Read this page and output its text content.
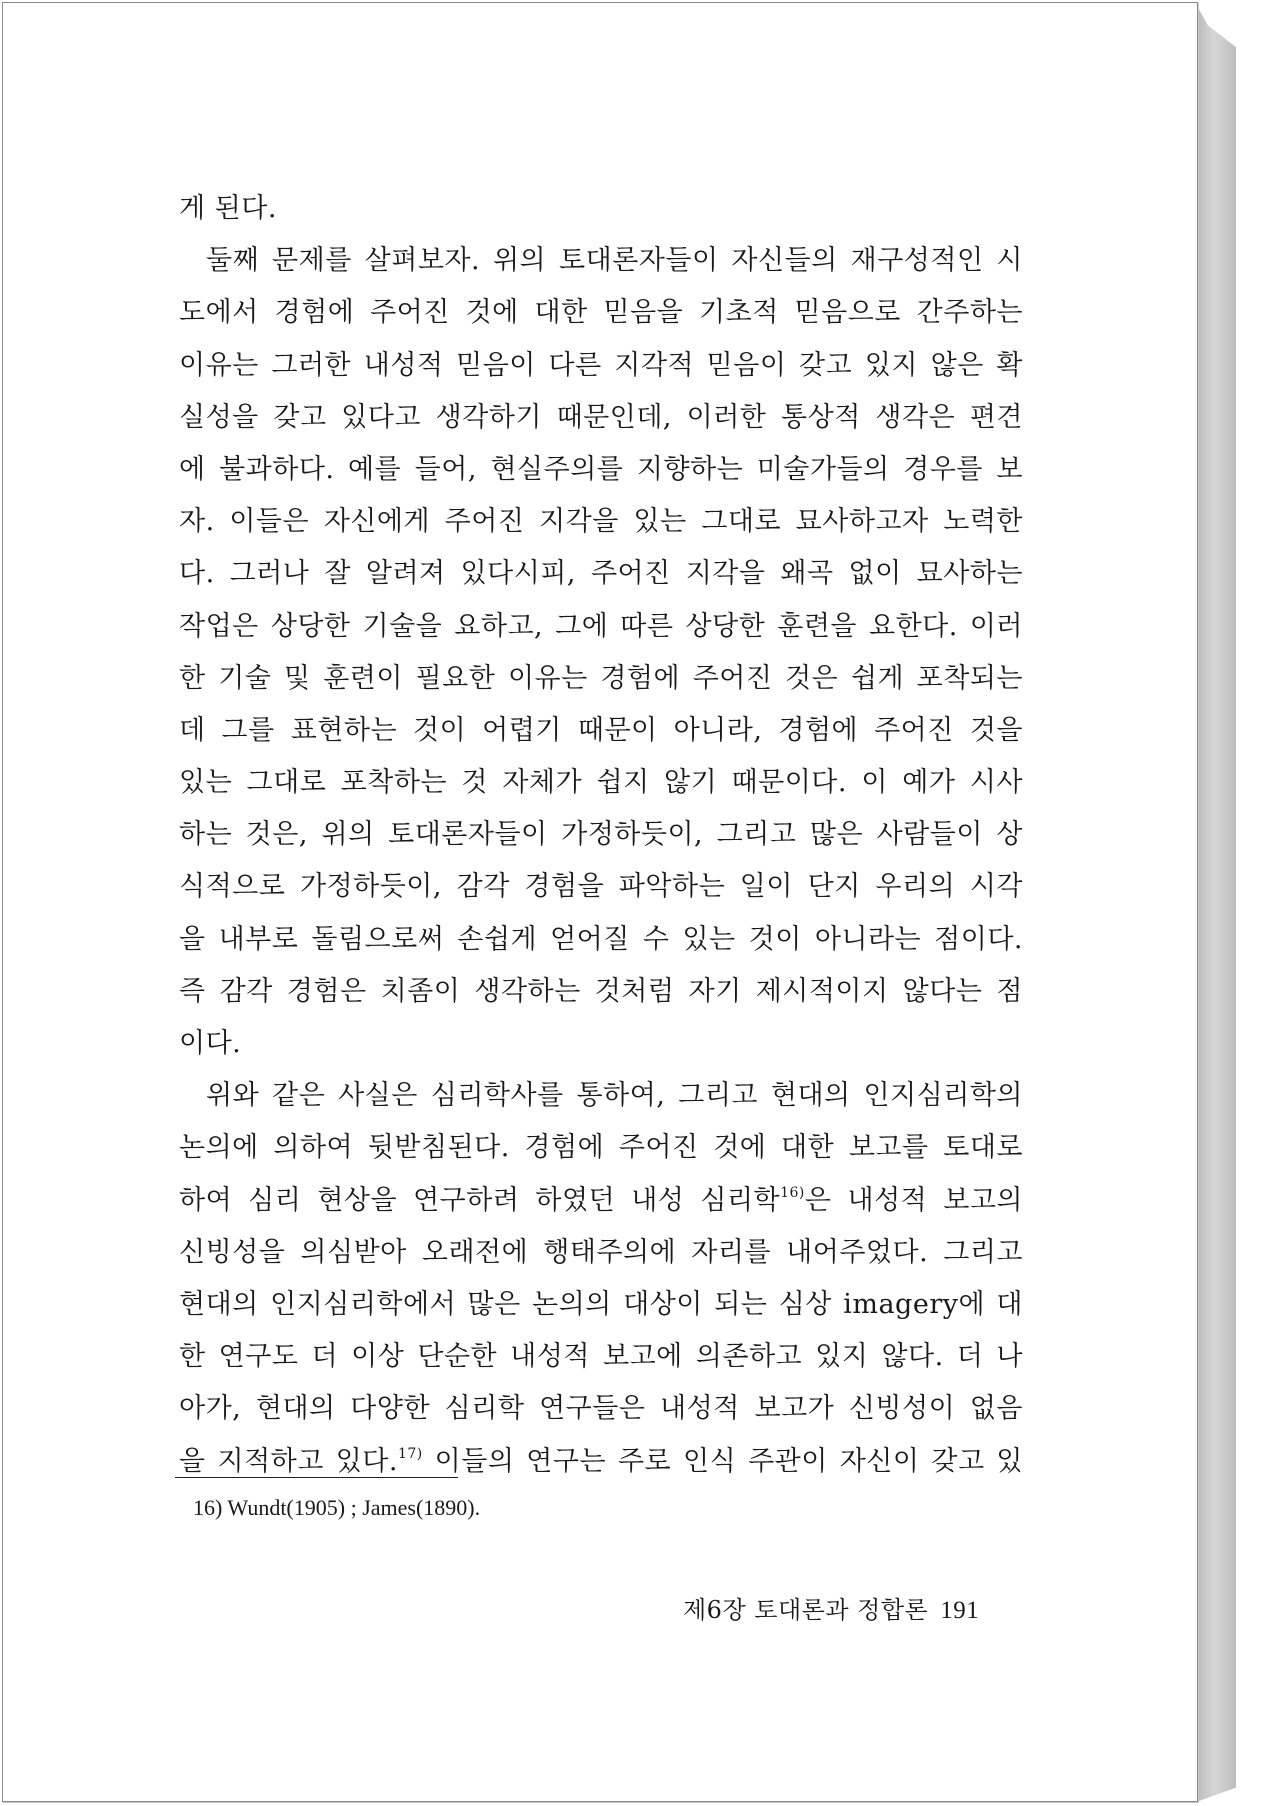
게 된다.

둘째 문제를 살펴보자. 위의 토대론자들이 자신들의 재구성적인 시
도에서 경험에 주어진 것에 대한 믿음을 기초적 믿음으로 간주하는
이유는 그러한 내성적 믿음이 다른 지각적 믿음이 갖고 있지 않은 확
실성을 갖고 있다고 생각하기 때문인데, 이러한 통상적 생각은 편견
에 불과하다. 예를 들어, 현실주의를 지향하는 미술가들의 경우를 보
자. 이들은 자신에게 주어진 지각을 있는 그대로 묘사하고자 노력한
다. 그러나 잘 알려져 있다시피, 주어진 지각을 왜곡 없이 묘사하는
작업은 상당한 기술을 요하고, 그에 따른 상당한 훈련을 요한다. 이러
한 기술 및 훈련이 필요한 이유는 경험에 주어진 것은 쉽게 포착되는
데 그를 표현하는 것이 어렵기 때문이 아니라, 경험에 주어진 것을
있는 그대로 포착하는 것 자체가 쉽지 않기 때문이다. 이 예가 시사
하는 것은, 위의 토대론자들이 가정하듯이, 그리고 많은 사람들이 상
식적으로 가정하듯이, 감각 경험을 파악하는 일이 단지 우리의 시각
을 내부로 돌림으로써 손쉽게 얻어질 수 있는 것이 아니라는 점이다.
즉 감각 경험은 치좀이 생각하는 것처럼 자기 제시적이지 않다는 점
이다.

위와 같은 사실은 심리학사를 통하여, 그리고 현대의 인지심리학의
논의에 의하여 뒷받침된다. 경험에 주어진 것에 대한 보고를 토대로
하여 심리 현상을 연구하려 하였던 내성 심리학$^{16)}$은 내성적 보고의
신빙성을 의심받아 오래전에 행태주의에 자리를 내어주었다. 그리고
현대의 인지심리학에서 많은 논의의 대상이 되는 심상 imagery에 대
한 연구도 더 이상 단순한 내성적 보고에 의존하고 있지 않다. 더 나
아가, 현대의 다양한 심리학 연구들은 내성적 보고가 신빙성이 없음
을 지적하고 있다.$^{17)}$ 이들의 연구는 주로 인식 주관이 자신이 갖고 있

16) Wundt(1905) ; James(1890).
제6장 토대론과 정합론 191
